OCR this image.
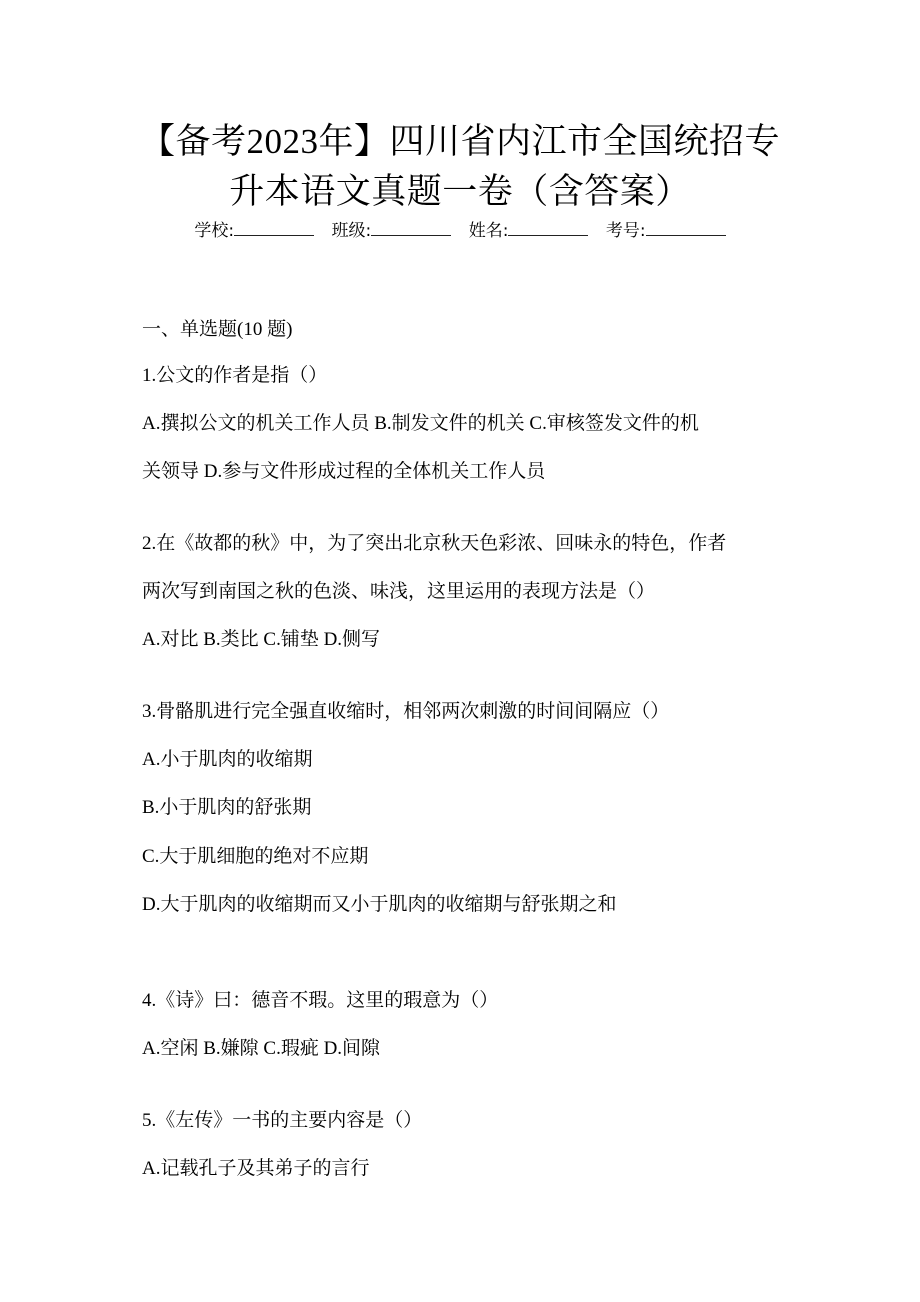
【备考2023年】四川省内江市全国统招专
升本语文真题一卷（含答案）
学校:	班级:	姓名:	考号:
一、单选题(10 题)
1.公文的作者是指（）
A.撰拟公文的机关工作人员 B.制发文件的机关 C.审核签发文件的机
关领导 D.参与文件形成过程的全体机关工作人员
2.在《故都的秋》中，为了突出北京秋天色彩浓、回味永的特色，作者
两次写到南国之秋的色淡、味浅，这里运用的表现方法是（）
A.对比 B.类比 C.铺垫 D.侧写
3.骨骼肌进行完全强直收缩时，相邻两次刺激的时间间隔应（）
A.小于肌肉的收缩期
B.小于肌肉的舒张期
C.大于肌细胞的绝对不应期
D.大于肌肉的收缩期而又小于肌肉的收缩期与舒张期之和
4.《诗》曰：德音不瑕。这里的瑕意为（）
A.空闲 B.嫌隙 C.瑕疵 D.间隙
5.《左传》一书的主要内容是（）
A.记载孔子及其弟子的言行
